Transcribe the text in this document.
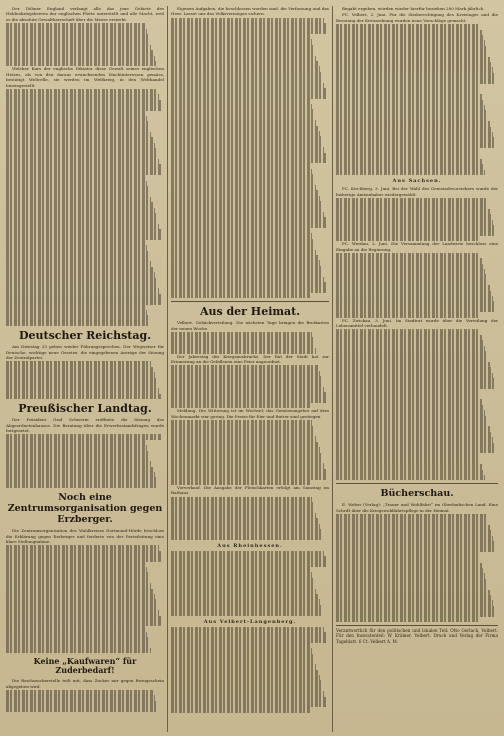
Der Döhner England verlangt alle das jene Gebiete des Heldenkriegsheeres der englischen Flotte unterstellt und alle Macht, weil er die absolute Gewaltherrschaft über die Meere erstrebt.

Welcher Kurs der englische Diktator diese Gewalt seines englischen Hetzes, als von den daraus erwachsenden Machtinteressen gemäss, bestätigt Weltrelle, sie werden im Weltkrieg, in den Welthandel hineingestellt.

Deutscher Reichstag.

Am Dienstag 25 geben wieder Führungssprechen. Der Wegweiser für Deutsche, wichtige neue Gesetze, die eingegebenen Anträge der Sitzung der Zentralpartei.

Preußischer Landtag.

Der Präsident Graf Schwerin eröffnete die Sitzung des Abgeordnetenhauses. Die Beratung über die Erwerbsstandsfragen wurde fortgesetzt.

Noch eine Zentrumsorganisation gegen Erzberger.

Die Zentrumsorganisation des Wahlkreises Dortmund-Hörde beschloss die Erklärung gegen Erzberger und forderte von der Parteileitung eine klare Stellungnahme.

Keine „Kaufwaren“ für Zuderbedarf!

Die Reichszuckerstelle teilt mit, dass Zucker nur gegen Bezugsschein abgegeben wird.

Eigenen Aufgaben, die beschlossen worden sind, die Verfassung und das Heer. Lasset uns das Volksvermögen sichern.

Aus der Heimat.

Velbert, Gebäckverteilung. Die nächsten Tage bringen die Brotkarten der neuen Woche.

Der Jahrestag des Kriegsausbruchs. Der Rat der Stadt hat zur Erinnerung an die Gefallenen eine Feier angeordnet.

Meldung. Die Witterung ist im Wechsel; das Gemüseangebot auf dem Wochenmarkt war gering. Die Preise für Eier und Butter sind gestiegen.

Vorverkauf. Die Ausgabe der Fleischkarten erfolgt am Samstag im Rathaus.

Aus Rheinhessen.
Aus Velbert-Langenberg.

Begabt ergeben, würden wieder hierfür beziehen 200 Mark jährlich.

FC. Velbert, 2. Juni. Für die Sitzberechtigung des Kreistages und die Beratung der Kreisordnung wurden neue Vorschläge gemacht.

Aus Sachsen.

PC. Kirchberg, 3. Juni. Bei der Wahl des Gemeindevorstehers wurde der bisherige Amtsinhaber wiedergewählt.

PC. Werdau, 2. Juni. Die Versammlung der Landwirte beschloss eine Eingabe an die Regierung.

PC. Zwickau, 3. Juni. Im Stadtrat wurde über die Verteilung der Lebensmittel verhandelt.

Bücherschau.

E. Weber (Verlag): „Trauer und Wohlfahrt“ im Oberbadischen Land. Eine Schrift über die Kriegswohlfahrtspflege in der Heimat.

Verantwortlich für den politischen und lokalen Teil: Otto Gerlach, Velbert. Für den Inseratenteil: W. Krämer, Velbert. Druck und Verlag der Firma Tageblatt. 6 Ct. Velbert A. M.
